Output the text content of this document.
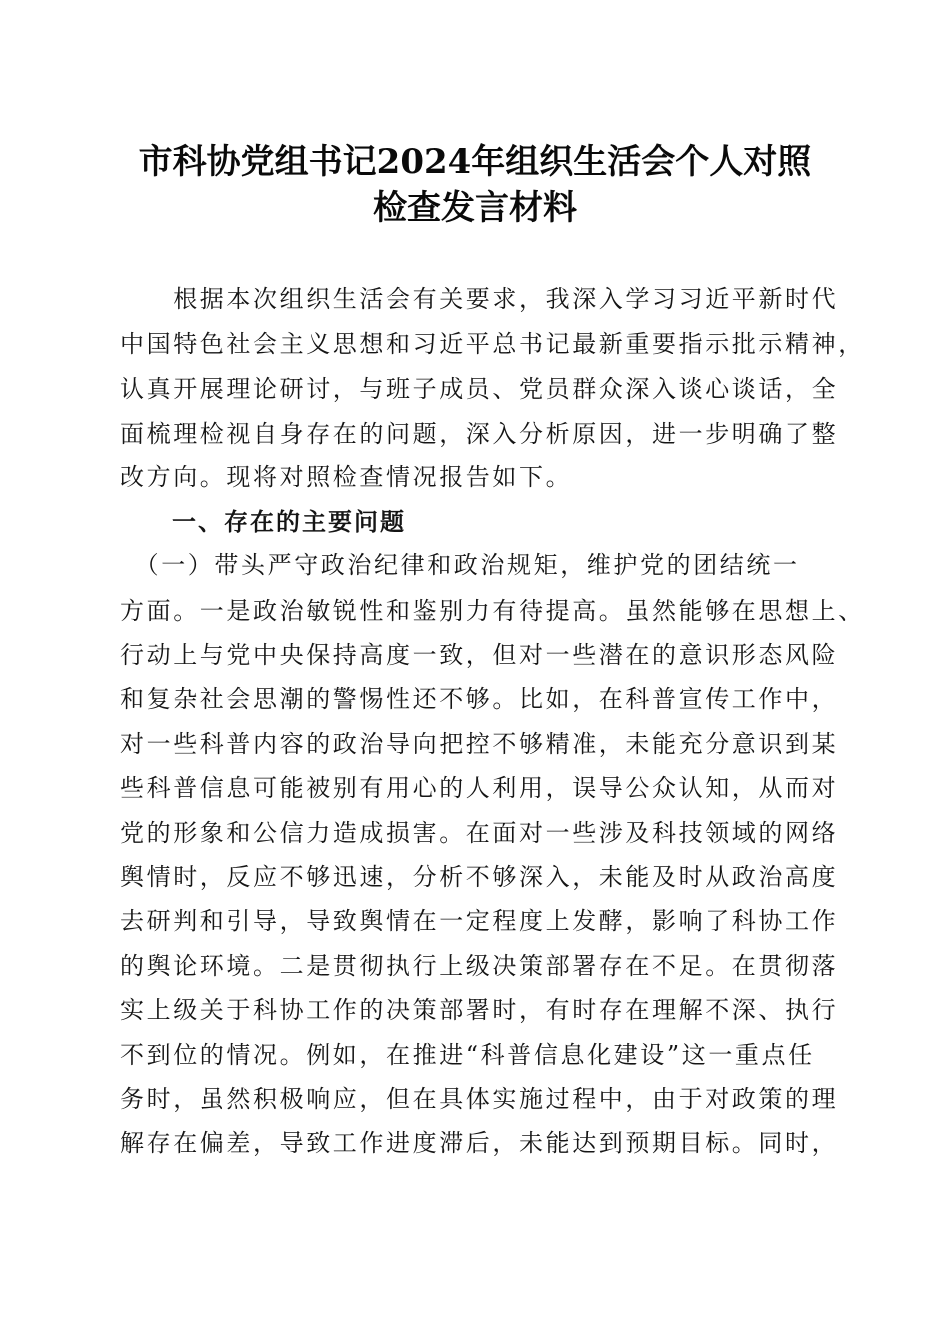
市科协党组书记2024年组织生活会个人对照
检查发言材料
　　根据本次组织生活会有关要求，我深入学习习近平新时代
中国特色社会主义思想和习近平总书记最新重要指示批示精神，
认真开展理论研讨，与班子成员、党员群众深入谈心谈话，全
面梳理检视自身存在的问题，深入分析原因，进一步明确了整
改方向。现将对照检查情况报告如下。
　　一、存在的主要问题
　（一）带头严守政治纪律和政治规矩，维护党的团结统一
方面。一是政治敏锐性和鉴别力有待提高。虽然能够在思想上、
行动上与党中央保持高度一致，但对一些潜在的意识形态风险
和复杂社会思潮的警惕性还不够。比如，在科普宣传工作中，
对一些科普内容的政治导向把控不够精准，未能充分意识到某
些科普信息可能被别有用心的人利用，误导公众认知，从而对
党的形象和公信力造成损害。在面对一些涉及科技领域的网络
舆情时，反应不够迅速，分析不够深入，未能及时从政治高度
去研判和引导，导致舆情在一定程度上发酵，影响了科协工作
的舆论环境。二是贯彻执行上级决策部署存在不足。在贯彻落
实上级关于科协工作的决策部署时，有时存在理解不深、执行
不到位的情况。例如，在推进“科普信息化建设”这一重点任
务时，虽然积极响应，但在具体实施过程中，由于对政策的理
解存在偏差，导致工作进度滞后，未能达到预期目标。同时，
